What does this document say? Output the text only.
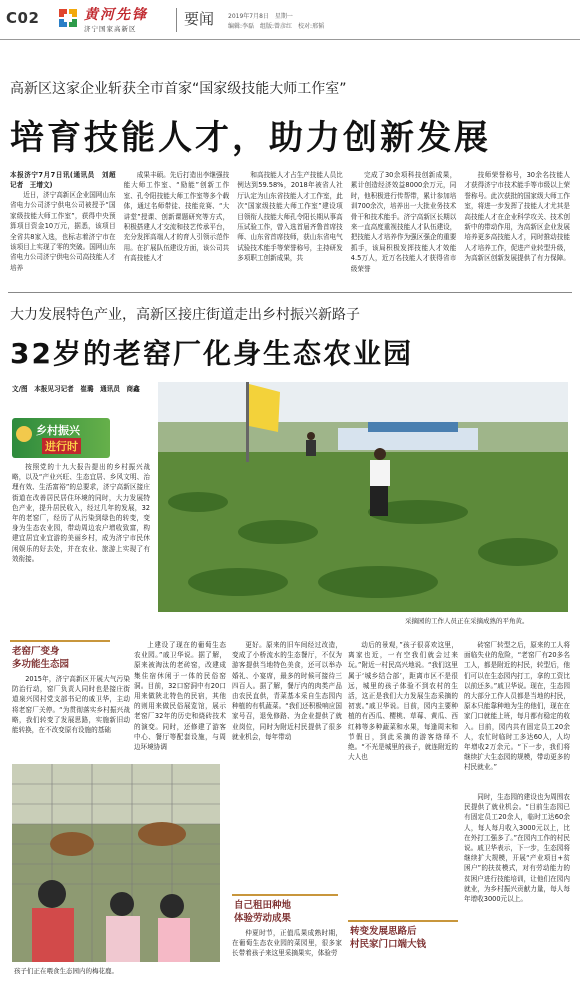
C02	黄河先锋
济宁国家高新区
要闻 2019年7月8日　星期一
编辑:李磊　组版:曾彦红　校对:邢韬
高新区这家企业斩获全市首家“国家级技能大师工作室”
培育技能人才，助力创新发展
本报济宁7月7日讯(通讯员　刘超　记者　王增文)
近日，济宁高新区企业国网山东省电力公司济宁供电公司被授予“国家级技能大师工作室”，获得中央预算项目资金10万元，据悉，该项目全省共8家入选，也标志着济宁市在该项目上实现了零的突破。国网山东省电力公司济宁供电公司高技能人才培养
成果丰硕。先后打造出李继强技能大师工作室、“励能”创新工作室、孔令阳技能大师工作室等多个载体，通过名师带徒、技能竞赛、“大讲堂”授课、创新课题研究等方式，积极搭建人才交流和技艺传承平台，充分发挥高端人才的育人引领示范作用。在扩展队伍建设方面，该公司共有高技能人才
和高技能人才占生产技能人员比例达到59.58%，2018年被省人社厅认定为山东省技能人才工作室，此次“国家级技能大师工作室”建设项目领衔人技能大师孔令阳长期从事高压试验工作，曾入选首届齐鲁首席技师、山东省首席技师，获山东省电气试验技术能手等荣誉称号，主持研发多项职工创新成果，共
完成了30余项科技创新成果，累计创造经济效益8000余万元，同时，他积极进行传帮带，累计参加培训700余次，培养出一大批业务技术骨干和技术能手。济宁高新区长期以来一直高度重视技能人才队伍建设，把技能人才培养作为强区强企的重要抓手，该局积极发挥技能人才效能4.5万人，近万名技能人才获得省市级荣誉
技师荣誉称号，30余名技能人才获得济宁市技术能手等市级以上荣誉称号。此次获批的国家级大师工作室，将进一步发挥了技能人才尤其是高技能人才在企业科学攻关、技术创新中的带动作用，为高新区企业发展培养更多高技能人才，同时推动技能人才培养工作，促进产业转型升级，为高新区创新发展提供了有力保障。
大力发展特色产业，高新区接庄街道走出乡村振兴新路子
32岁的老窑厂化身生态农业园
文/图　本报见习记者　崔璐　通讯员　商鑫
乡村振兴
进行时
按照党的十九大报告提出的乡村振兴战略，以及“产业兴旺、生态宜居、乡风文明、治理有效、生活富裕”的总要求，济宁高新区接庄街道在改善居民居住环境的同时，大力发展特色产业，提升居民收入，经过几年的发展，32年的老窑厂，经历了从污染到绿色的转变，变身为生态农业园，带动周边农户增收致富，构建宜居宜业宜游的美丽乡村，成为济宁市民休闲娱乐的好去处，并在农业、旅游上实现了有效衔接。
采摘园的工作人员正在采摘成熟的平角黄。
老窑厂变身
多功能生态园
2015年，济宁高新区开展大气污染防治行动，窑厂负责人同时也是接庄街道泉兴园村党支部书记的戚卫华，主动将老窑厂关停。“为贯彻落实乡村振兴战略，我们转变了发展思路，实施新旧动能转换，在不改变原有设施的基础
孩子们正在喂食生态园内的梅花鹿。
上建设了现在的葡萄生态农业园。”戚卫华说。据了解，原来被淘汰的老砖窑，改建成集住宿休闲于一体的民俗窑洞。目前，32口窑洞中有20口用来做陕北特色的民宿，其他的则用来做民俗展览馆，展示老窑厂32年的历史和烧砖技术的演变。同时，还修建了游客中心、餐厅等配套设施，与周边环境协调
更好。原来的旧车间经过改造，变成了小桥流水的生态餐厅，不仅为游客提供当地特色美食，还可以举办婚礼、小宴席，最多的时候可接待三四百人。据了解，餐厅内的肉类产品由农民直供，青菜基本采自生态园内种植的有机蔬菜。“我们还积极响应国家号召，退免修路、为企业提供了就业岗位，同时为附近村民提供了很多就业机会，每年带动
自己租田种地
体验劳动成果
仲夏时节，正值瓜果成熟时期，在葡萄生态农业园的菜园里，很多家长带着孩子来这里采摘果实，体验劳
动后的景观，”孩子很喜欢这里，离家也近，一有空我们就会过来玩。”附近一村民高兴地说。“我们这里属于‘城乡结合部’，距离市区不是很远，城里的孩子体验不到农村的生活，这正是我们大力发展生态采摘的初衷。”戚卫华说。目前，园内主要种植的有西瓜、樱桃、草莓、黄瓜、西红柿等多种蔬菜和水果，每逢周末和节假日，到此采摘的游客络绎不绝。“不光是城里的孩子，就连附近的大人也
转变发展思路后
村民家门口端大钱
砖窑厂转型之后，原来的工人将面临失业的危险，“老窑厂有20多名工人，都是附近的村民，转型后，他们可以在生态园内打工，拿的工资比以前还多。”戚卫华说。现在，生态园的大部分工作人员都是当地的村民，原本只能靠种地为生的他们，现在在家门口就能上班，每月都有稳定的收入。目前，园内共有固定员工20余人，农忙时临时工多达60人，人均年增收2万余元。“下一步，我们将继续扩大生态园的规模，带动更多的村民就业。”
同时，生态园的建设也为周围农民提供了就业机会。“目前生态园已有固定员工20余人，临时工达60余人，每人每月收入3000元以上，比在外打工强多了。”在园内工作的村民说。戚卫华表示，下一步，生态园将继续扩大规模，开展“产业项目+贫困户”的扶贫模式，对有劳动能力的贫困户进行技能培训，让他们在园内就业，为乡村振兴贡献力量，每人每年增收3000元以上。
